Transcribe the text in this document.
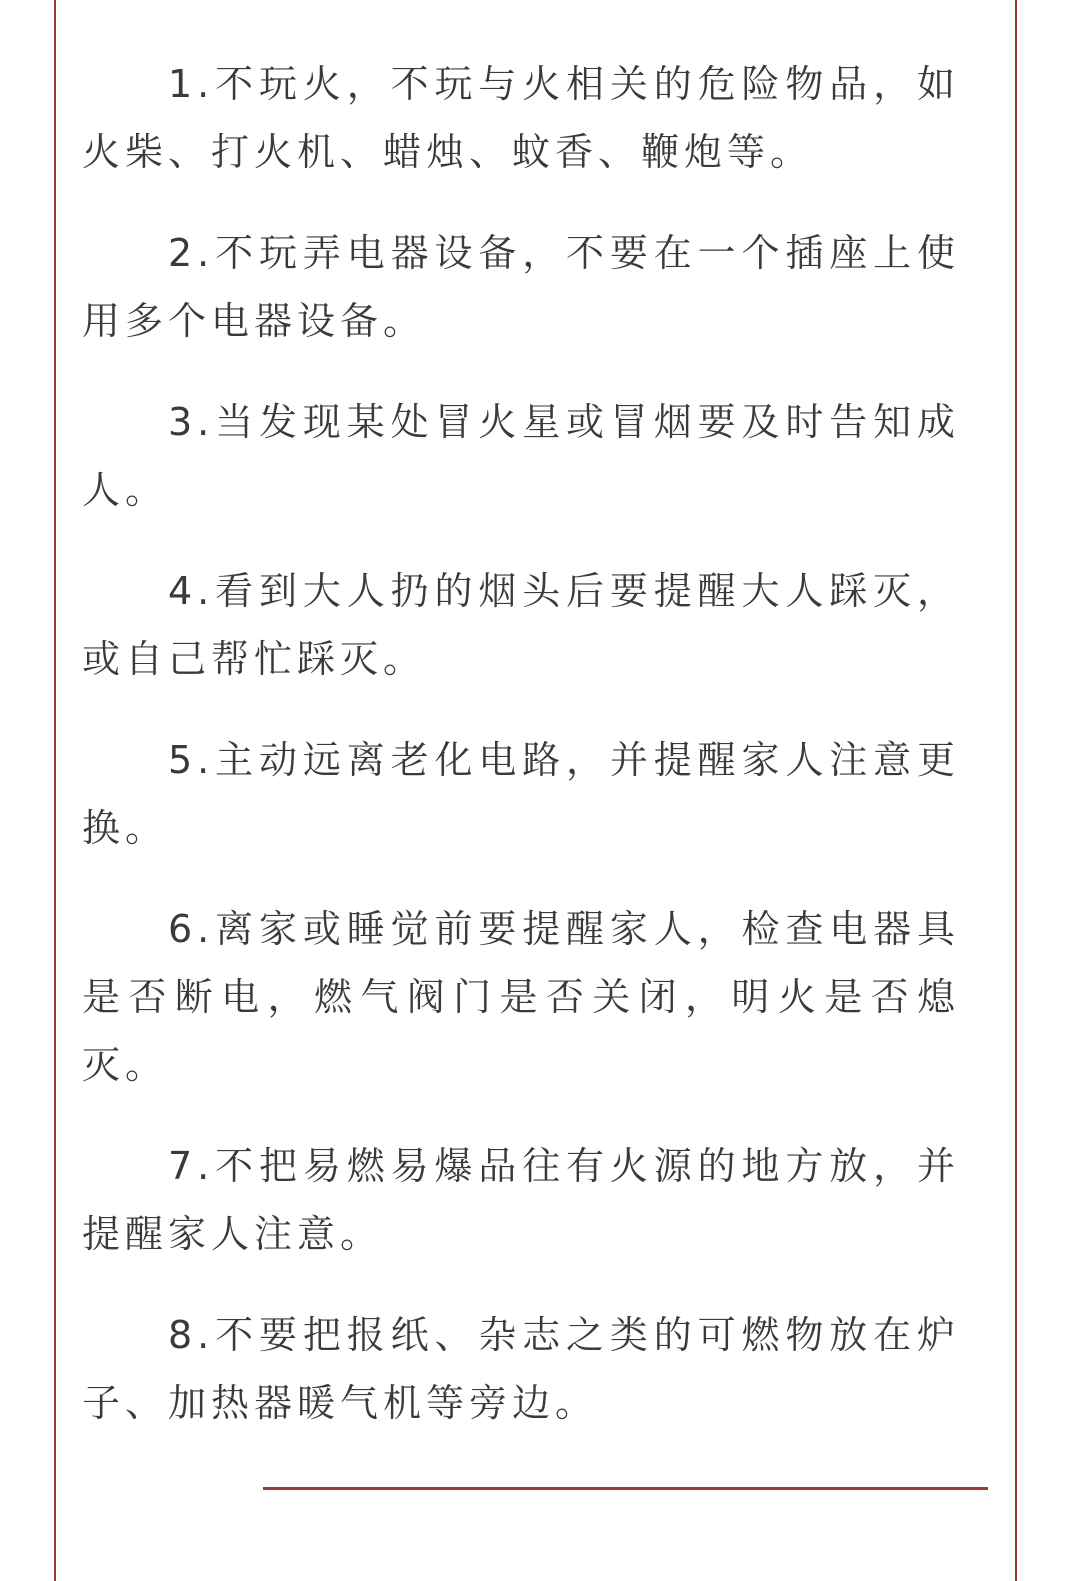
1.不玩火，不玩与火相关的危险物品，如火柴、打火机、蜡烛、蚊香、鞭炮等。

2.不玩弄电器设备，不要在一个插座上使用多个电器设备。

3.当发现某处冒火星或冒烟要及时告知成人。

4.看到大人扔的烟头后要提醒大人踩灭，或自己帮忙踩灭。

5.主动远离老化电路，并提醒家人注意更换。

6.离家或睡觉前要提醒家人，检查电器具是否断电，燃气阀门是否关闭，明火是否熄灭。

7.不把易燃易爆品往有火源的地方放，并提醒家人注意。

8.不要把报纸、杂志之类的可燃物放在炉子、加热器暖气机等旁边。
